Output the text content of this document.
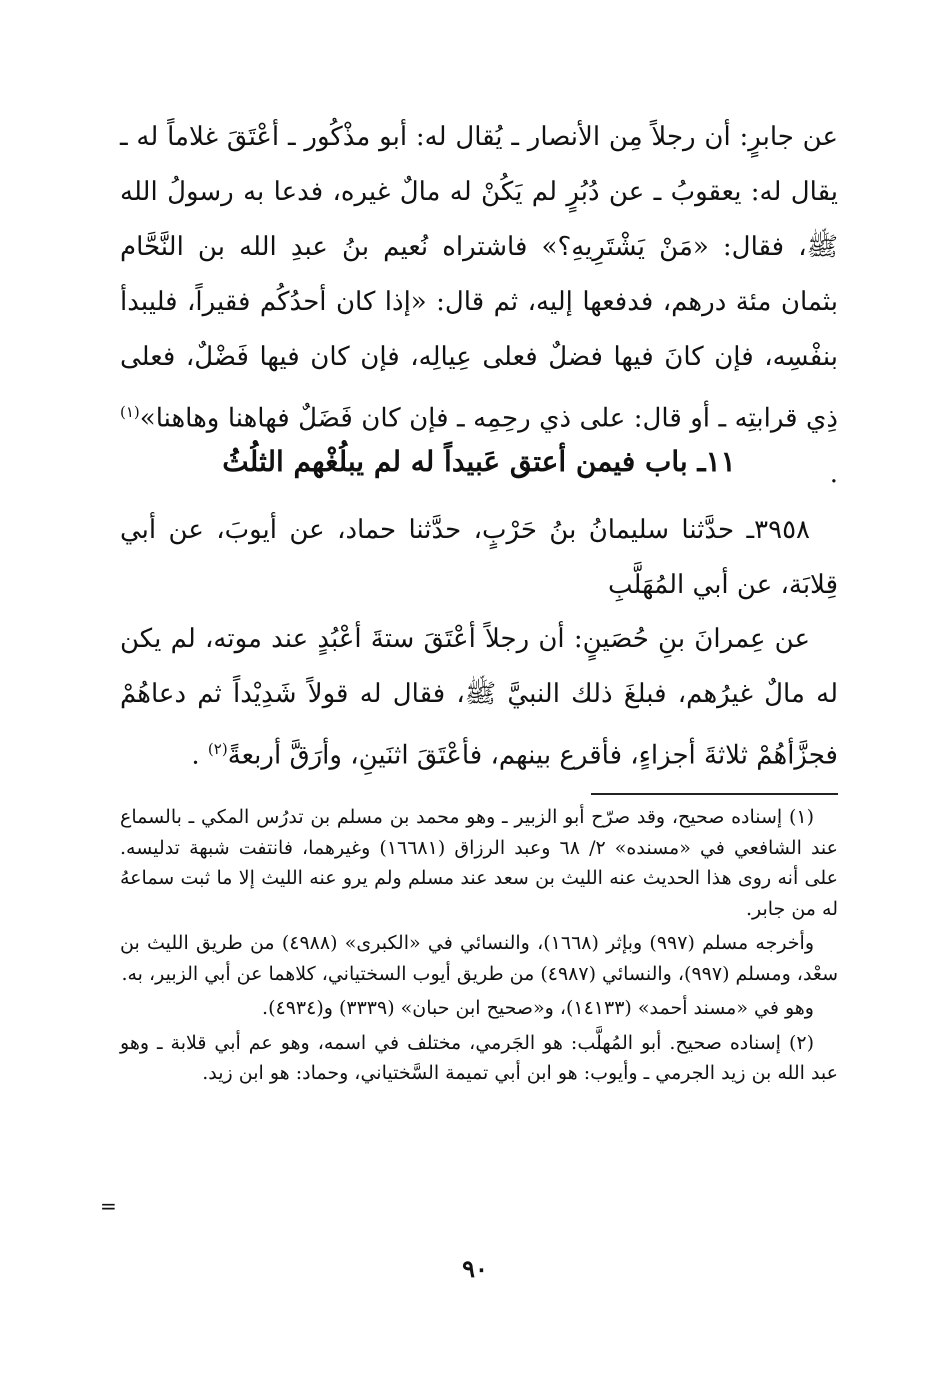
عن جابرٍ: أن رجلاً مِن الأنصار ـ يُقال له: أبو مذْكُور ـ أعْتَقَ غلاماً له ـ يقال له: يعقوبُ ـ عن دُبُرٍ لم يَكُنْ له مالٌ غيره، فدعا به رسولُ الله ﷺ، فقال: «مَنْ يَشْتَرِيهِ؟» فاشتراه نُعيم بنُ عبدِ الله بن النَّحَّام بثمان مئة درهم، فدفعها إليه، ثم قال: «إذا كان أحدُكُم فقيراً، فليبدأ بنفْسِه، فإن كانَ فيها فضلٌ فعلى عِيالِه، فإن كان فيها فَضْلٌ، فعلى ذِي قرابتِه ـ أو قال: على ذي رحِمِه ـ فإن كان فَضَلٌ فهاهنا وهاهنا»$^{(١)}$ .

١١ـ باب فيمن أعتق عَبيداً له لم يبلُغْهم الثلُثُ

٣٩٥٨ـ حدَّثنا سليمانُ بنُ حَرْبٍ، حدَّثنا حماد، عن أيوبَ، عن أبي قِلابَة، عن أبي المُهَلَّبِ

عن عِمرانَ بنِ حُصَينٍ: أن رجلاً أعْتَقَ ستةَ أعْبُدٍ عند موته، لم يكن له مالٌ غيرُهم، فبلغَ ذلك النبيَّ ﷺ، فقال له قولاً شَدِيْداً ثم دعاهُمْ فجزَّأهُمْ ثلاثةَ أجزاءٍ، فأقرع بينهم، فأعْتَقَ اثنَينِ، وأرَقَّ أربعةً$^{(٢)}$ .

(١) إسناده صحيح، وقد صرّح أبو الزبير ـ وهو محمد بن مسلم بن تدرُس المكي ـ بالسماع عند الشافعي في «مسنده» ٢/ ٦٨ وعبد الرزاق (١٦٦٨١) وغيرهما، فانتفت شبهة تدليسه. على أنه روى هذا الحديث عنه الليث بن سعد عند مسلم ولم يرو عنه الليث إلا ما ثبت سماعهُ له من جابر.

وأخرجه مسلم (٩٩٧) وبإثر (١٦٦٨)، والنسائي في «الكبرى» (٤٩٨٨) من طريق الليث بن سعْد، ومسلم (٩٩٧)، والنسائي (٤٩٨٧) من طريق أيوب السختياني، كلاهما عن أبي الزبير، به.

وهو في «مسند أحمد» (١٤١٣٣)، و«صحيح ابن حبان» (٣٣٣٩) و(٤٩٣٤).

(٢) إسناده صحيح. أبو المُهلَّب: هو الجَرمي، مختلف في اسمه، وهو عم أبي قلابة ـ وهو عبد الله بن زيد الجرمي ـ وأيوب: هو ابن أبي تميمة السَّختياني، وحماد: هو ابن زيد.

=
٩٠
